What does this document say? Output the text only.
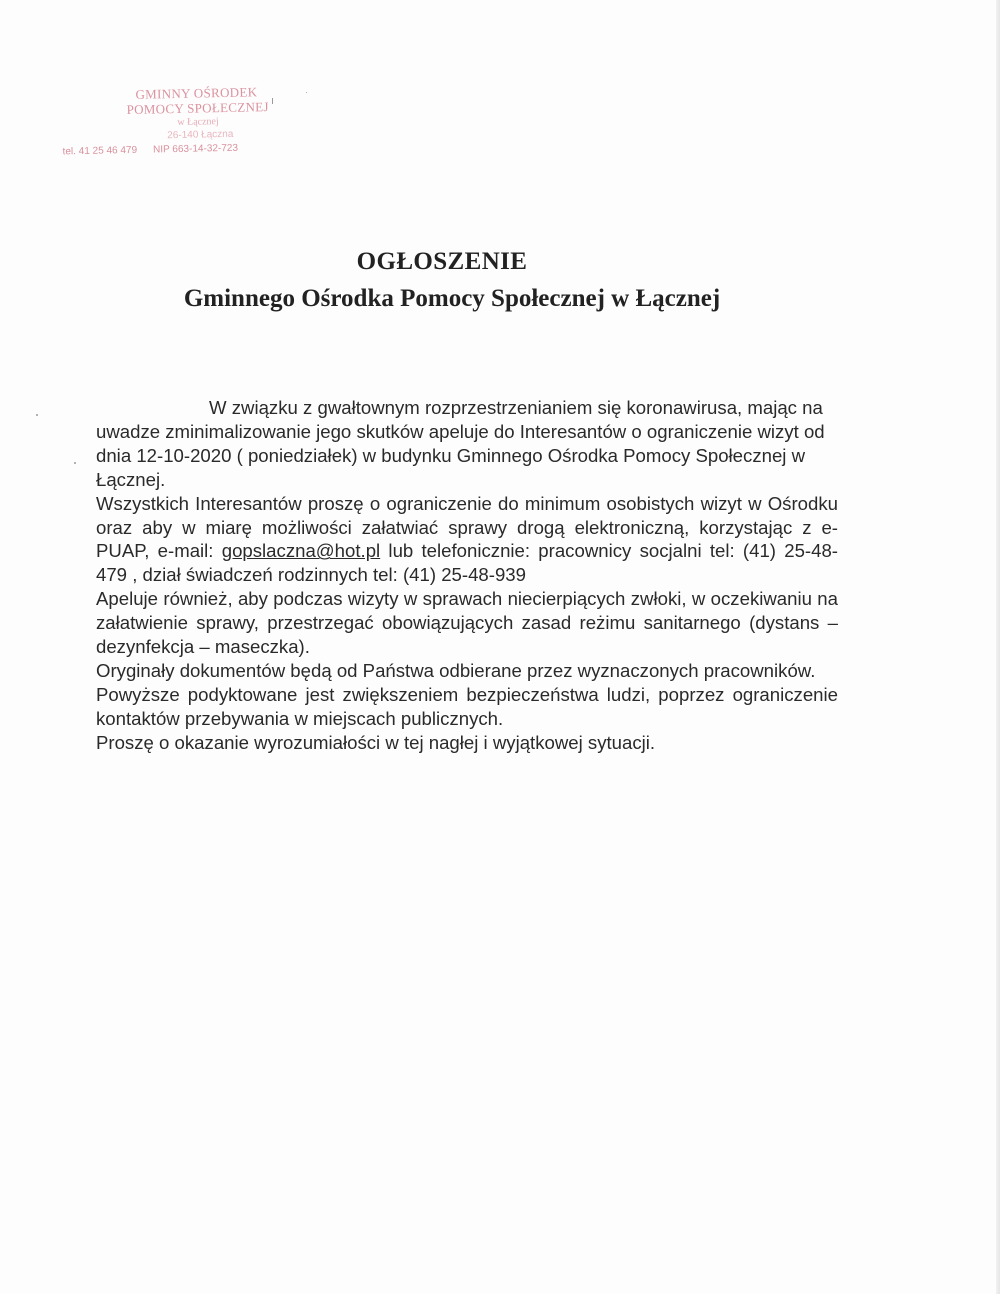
GMINNY OŚRODEK
POMOCY SPOŁECZNEJ
w Łącznej
26-140 Łączna
tel. 41 25 46 479 NIP 663-14-32-723
OGŁOSZENIE
Gminnego Ośrodka Pomocy Społecznej w Łącznej

W związku z gwałtownym rozprzestrzenianiem się koronawirusa, mając na uwadze zminimalizowanie jego skutków apeluje do Interesantów o ograniczenie wizyt od dnia 12-10-2020 ( poniedziałek) w budynku Gminnego Ośrodka Pomocy Społecznej w Łącznej.

Wszystkich Interesantów proszę o ograniczenie do minimum osobistych wizyt w Ośrodku oraz aby w miarę możliwości załatwiać sprawy drogą elektroniczną, korzystając z e-PUAP, e-mail: gopslaczna@hot.pl lub telefonicznie: pracownicy socjalni tel: (41) 25-48-479 , dział świadczeń rodzinnych tel: (41) 25-48-939

Apeluje również, aby podczas wizyty w sprawach niecierpiących zwłoki, w oczekiwaniu na załatwienie sprawy, przestrzegać obowiązujących zasad reżimu sanitarnego (dystans – dezynfekcja – maseczka).

Oryginały dokumentów będą od Państwa odbierane przez wyznaczonych pracowników.

Powyższe podyktowane jest zwiększeniem bezpieczeństwa ludzi, poprzez ograniczenie kontaktów przebywania w miejscach publicznych.

Proszę o okazanie wyrozumiałości w tej nagłej i wyjątkowej sytuacji.
